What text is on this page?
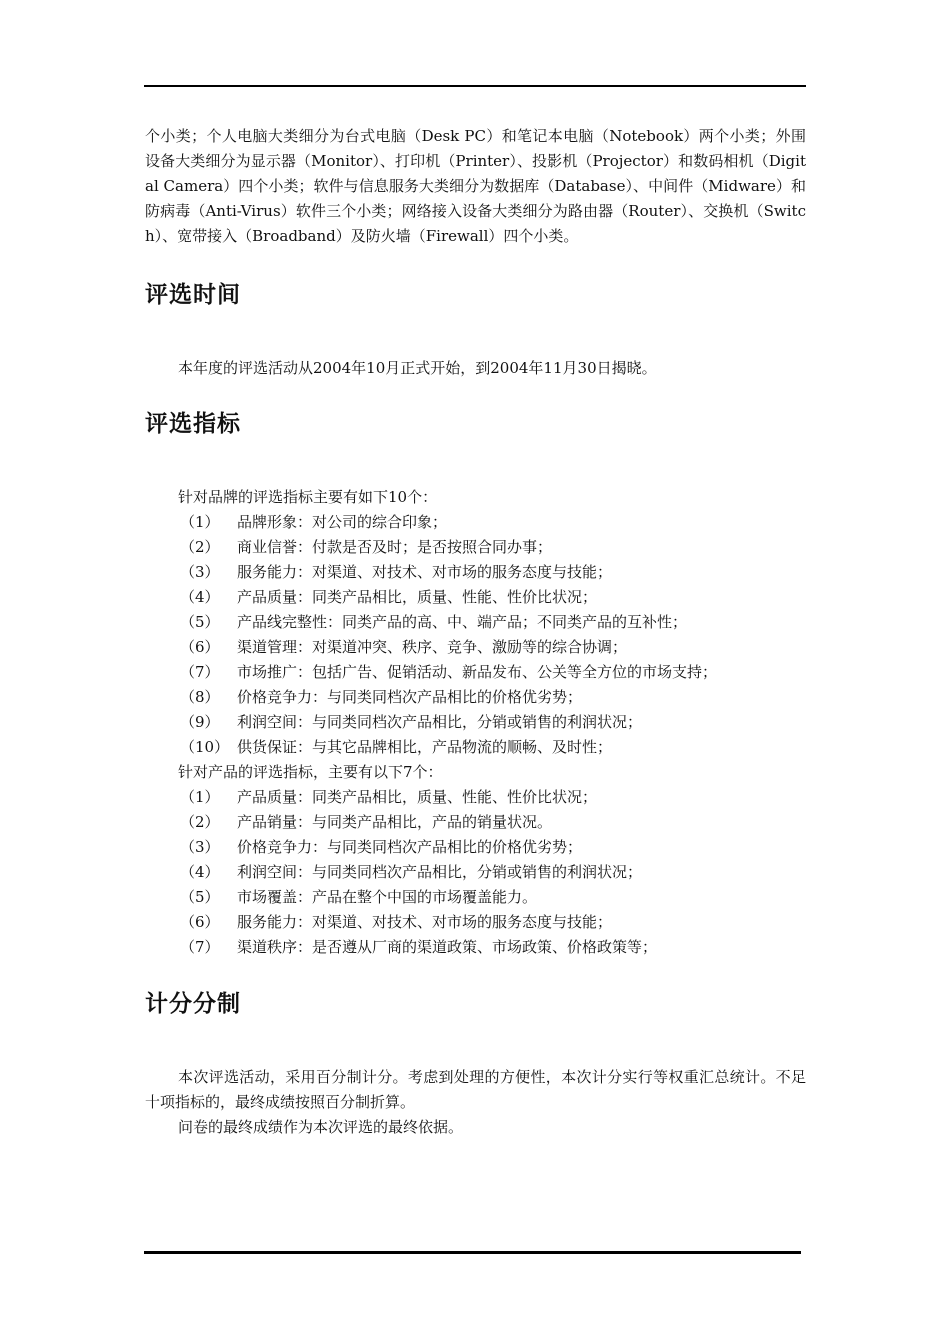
个小类；个人电脑大类细分为台式电脑（Desk PC）和笔记本电脑（Notebook）两个小类；外围设备大类细分为显示器（Monitor）、打印机（Printer）、投影机（Projector）和数码相机（Digital Camera）四个小类；软件与信息服务大类细分为数据库（Database）、中间件（Midware）和防病毒（Anti-Virus）软件三个小类；网络接入设备大类细分为路由器（Router）、交换机（Switch）、宽带接入（Broadband）及防火墙（Firewall）四个小类。

评选时间

本年度的评选活动从2004年10月正式开始，到2004年11月30日揭晓。

评选指标

针对品牌的评选指标主要有如下10个：

（1）	品牌形象：对公司的综合印象；
（2）	商业信誉：付款是否及时；是否按照合同办事；
（3）	服务能力：对渠道、对技术、对市场的服务态度与技能；
（4）	产品质量：同类产品相比，质量、性能、性价比状况；
（5）	产品线完整性：同类产品的高、中、端产品；不同类产品的互补性；
（6）	渠道管理：对渠道冲突、秩序、竞争、激励等的综合协调；
（7）	市场推广：包括广告、促销活动、新品发布、公关等全方位的市场支持；
（8）	价格竞争力：与同类同档次产品相比的价格优劣势；
（9）	利润空间：与同类同档次产品相比，分销或销售的利润状况；
（10） 供货保证：与其它品牌相比，产品物流的顺畅、及时性；

针对产品的评选指标，主要有以下7个：

（1）	产品质量：同类产品相比，质量、性能、性价比状况；
（2）	产品销量：与同类产品相比，产品的销量状况。
（3）	价格竞争力：与同类同档次产品相比的价格优劣势；
（4）	利润空间：与同类同档次产品相比，分销或销售的利润状况；
（5）	市场覆盖：产品在整个中国的市场覆盖能力。
（6）	服务能力：对渠道、对技术、对市场的服务态度与技能；
（7）	渠道秩序：是否遵从厂商的渠道政策、市场政策、价格政策等；
计分分制

本次评选活动，采用百分制计分。考虑到处理的方便性，本次计分实行等权重汇总统计。不足十项指标的，最终成绩按照百分制折算。

问卷的最终成绩作为本次评选的最终依据。
